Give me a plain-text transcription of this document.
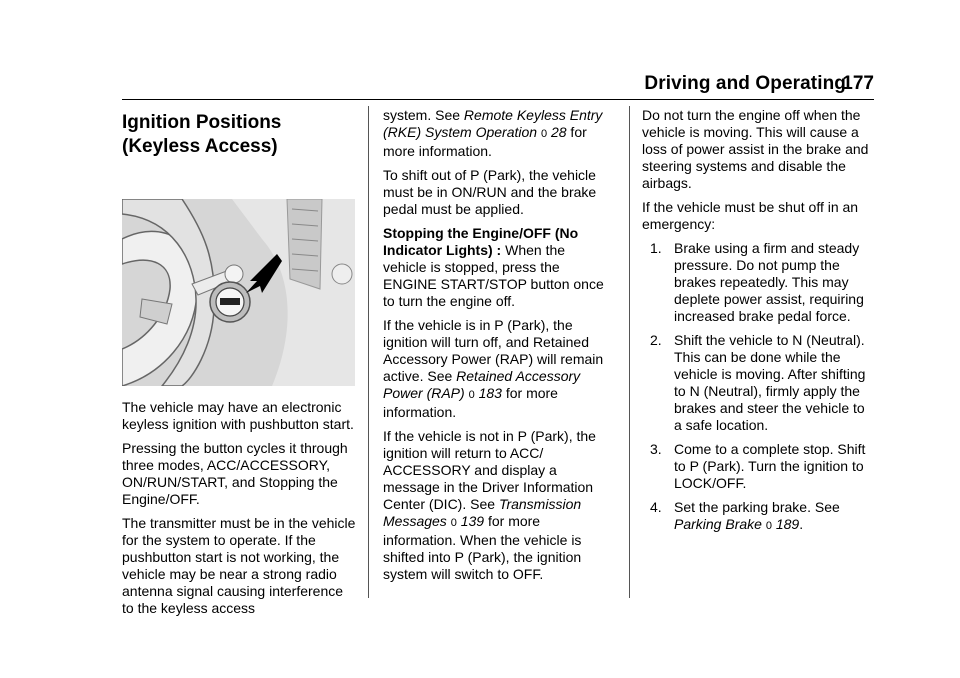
Driving and Operating
177
Ignition Positions
(Keyless Access)

The vehicle may have an electronic keyless ignition with pushbutton start.

Pressing the button cycles it through three modes, ACC/ACCESSORY, ON/RUN/START, and Stopping the Engine/OFF.

The transmitter must be in the vehicle for the system to operate. If the pushbutton start is not working, the vehicle may be near a strong radio antenna signal causing interference to the keyless access

system. See Remote Keyless Entry (RKE) System Operation 0 28 for more information.

To shift out of P (Park), the vehicle must be in ON/RUN and the brake pedal must be applied.

Stopping the Engine/OFF (No Indicator Lights) : When the vehicle is stopped, press the ENGINE START/STOP button once to turn the engine off.

If the vehicle is in P (Park), the ignition will turn off, and Retained Accessory Power (RAP) will remain active. See Retained Accessory Power (RAP) 0 183 for more information.

If the vehicle is not in P (Park), the ignition will return to ACC/ ACCESSORY and display a message in the Driver Information Center (DIC). See Transmission Messages 0 139 for more information. When the vehicle is shifted into P (Park), the ignition system will switch to OFF.

Do not turn the engine off when the vehicle is moving. This will cause a loss of power assist in the brake and steering systems and disable the airbags.

If the vehicle must be shut off in an emergency:

1. Brake using a firm and steady pressure. Do not pump the brakes repeatedly. This may deplete power assist, requiring increased brake pedal force.
2. Shift the vehicle to N (Neutral). This can be done while the vehicle is moving. After shifting to N (Neutral), firmly apply the brakes and steer the vehicle to a safe location.
3. Come to a complete stop. Shift to P (Park). Turn the ignition to LOCK/OFF.
4. Set the parking brake. See Parking Brake 0 189.
